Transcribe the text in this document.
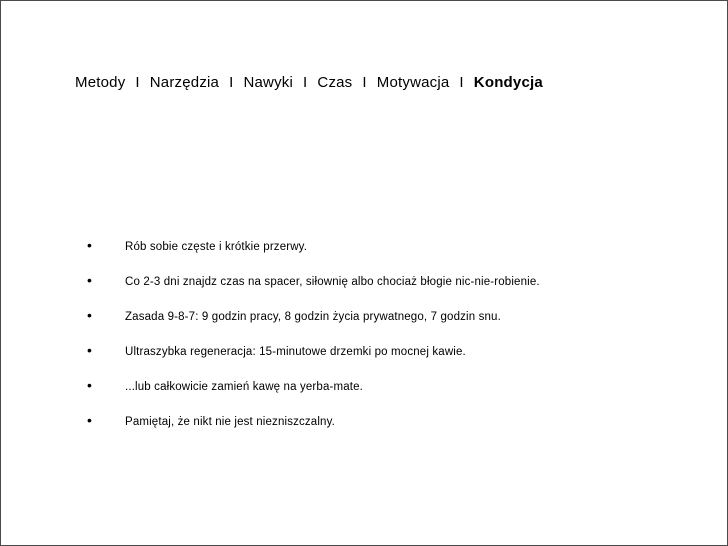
Metody I Narzędzia I Nawyki I Czas I Motywacja I Kondycja
•	Rób sobie częste i krótkie przerwy.
•	Co 2-3 dni znajdz czas na spacer, siłownię albo chociaż błogie nic-nie-robienie.
•	Zasada 9-8-7: 9 godzin pracy, 8 godzin życia prywatnego, 7 godzin snu.
•	Ultraszybka regeneracja: 15-minutowe drzemki po mocnej kawie.
•	...lub całkowicie zamień kawę na yerba-mate.
•	Pamiętaj, że nikt nie jest niezniszczalny.
